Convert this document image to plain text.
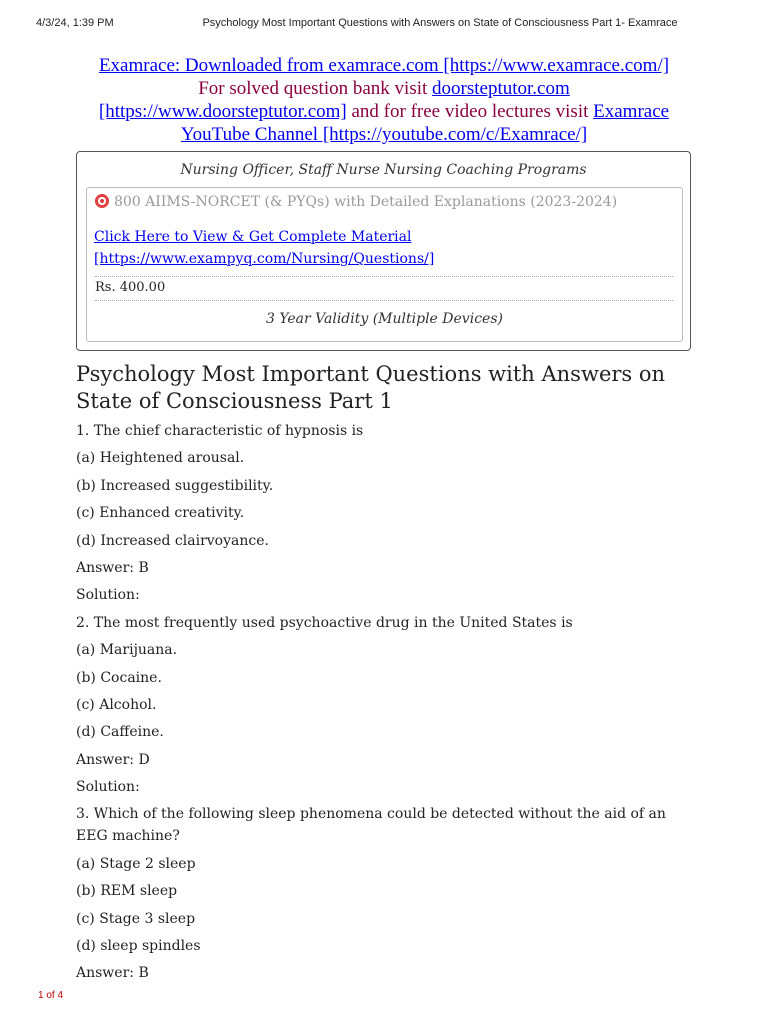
4/3/24, 1:39 PM	Psychology Most Important Questions with Answers on State of Consciousness Part 1- Examrace
Examrace: Downloaded from examrace.com [https://www.examrace.com/]
For solved question bank visit doorsteptutor.com [https://www.doorsteptutor.com] and for free video lectures visit Examrace YouTube Channel [https://youtube.com/c/Examrace/]
Nursing Officer, Staff Nurse Nursing Coaching Programs
800 AIIMS-NORCET (& PYQs) with Detailed Explanations (2023-2024)
Click Here to View & Get Complete Material
[https://www.exampyq.com/Nursing/Questions/]
Rs. 400.00
3 Year Validity (Multiple Devices)
Psychology Most Important Questions with Answers on State of Consciousness Part 1
1. The chief characteristic of hypnosis is
(a) Heightened arousal.
(b) Increased suggestibility.
(c) Enhanced creativity.
(d) Increased clairvoyance.
Answer: B
Solution:
2. The most frequently used psychoactive drug in the United States is
(a) Marijuana.
(b) Cocaine.
(c) Alcohol.
(d) Caffeine.
Answer: D
Solution:
3. Which of the following sleep phenomena could be detected without the aid of an EEG machine?
(a) Stage 2 sleep
(b) REM sleep
(c) Stage 3 sleep
(d) sleep spindles
Answer: B
1 of 4
